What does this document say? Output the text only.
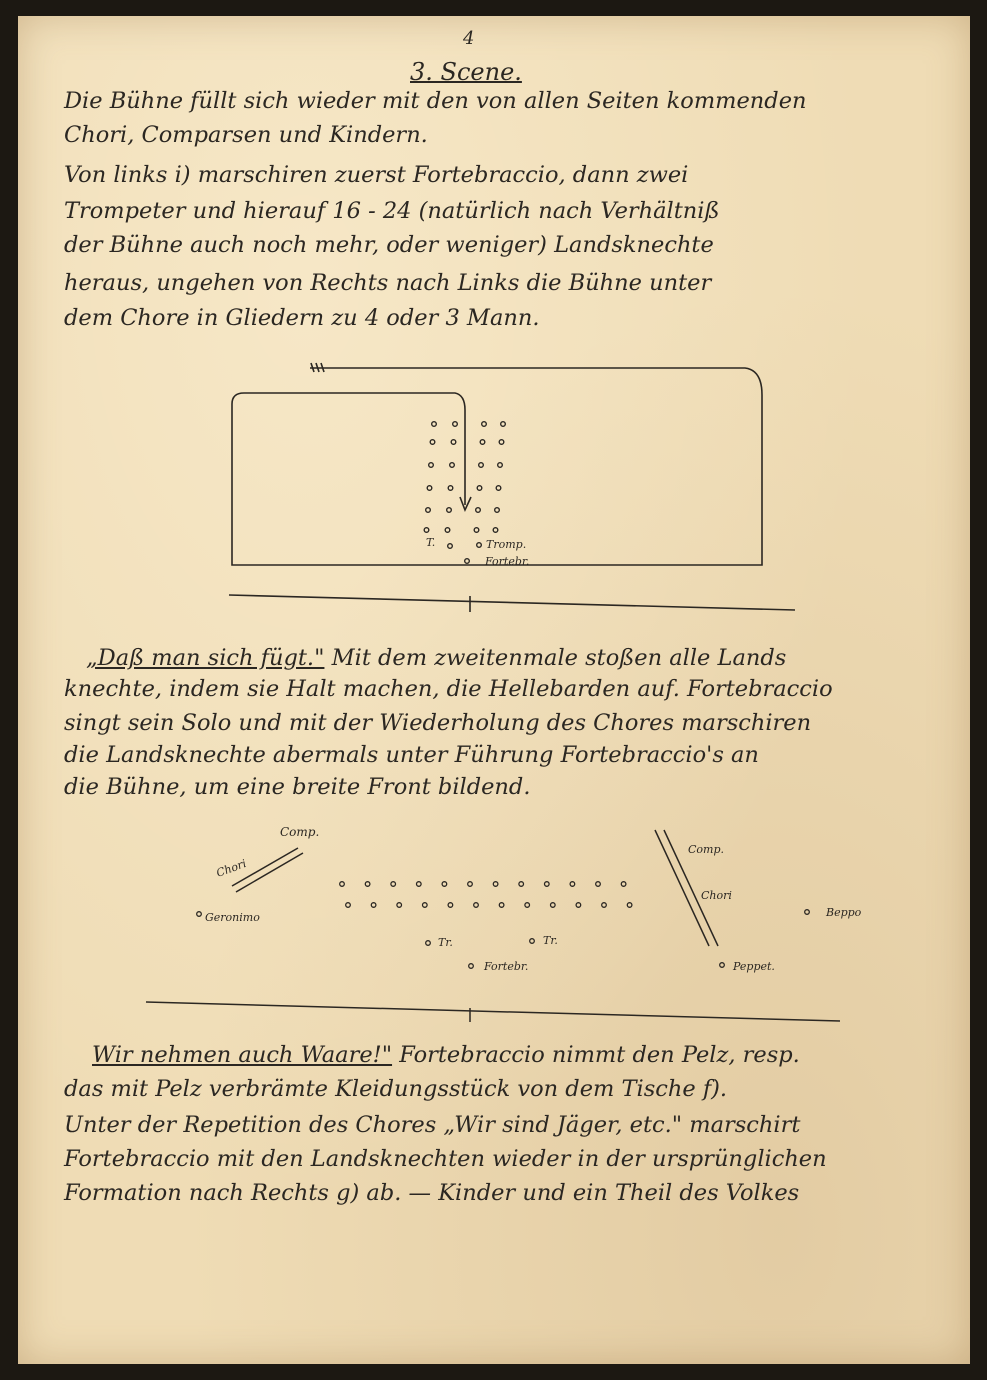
4
3. Scene.
Die Bühne füllt sich wieder mit den von allen Seiten kommenden
Chori, Comparsen und Kindern.
Von links i) marschiren zuerst Fortebraccio, dann zwei
Trompeter und hierauf 16 - 24 (natürlich nach Verhältniß
der Bühne auch noch mehr, oder weniger) Landsknechte
heraus, ungehen von Rechts nach Links die Bühne unter
dem Chore in Gliedern zu 4 oder 3 Mann.
T.	Tromp.
Fortebr.
„Daß man sich fügt." Mit dem zweitenmale stoßen alle Lands
knechte, indem sie Halt machen, die Hellebarden auf. Fortebraccio
singt sein Solo und mit der Wiederholung des Chores marschiren
die Landsknechte abermals unter Führung Fortebraccio's an
die Bühne, um eine breite Front bildend.
Comp.
Chori
Geronimo
Tr.	Tr.
Fortebr.
Comp.
Chori
Beppo
Peppet.
Wir nehmen auch Waare!" Fortebraccio nimmt den Pelz, resp.
das mit Pelz verbrämte Kleidungsstück von dem Tische f).
Unter der Repetition des Chores „Wir sind Jäger, etc." marschirt
Fortebraccio mit den Landsknechten wieder in der ursprünglichen
Formation nach Rechts g) ab. — Kinder und ein Theil des Volkes
